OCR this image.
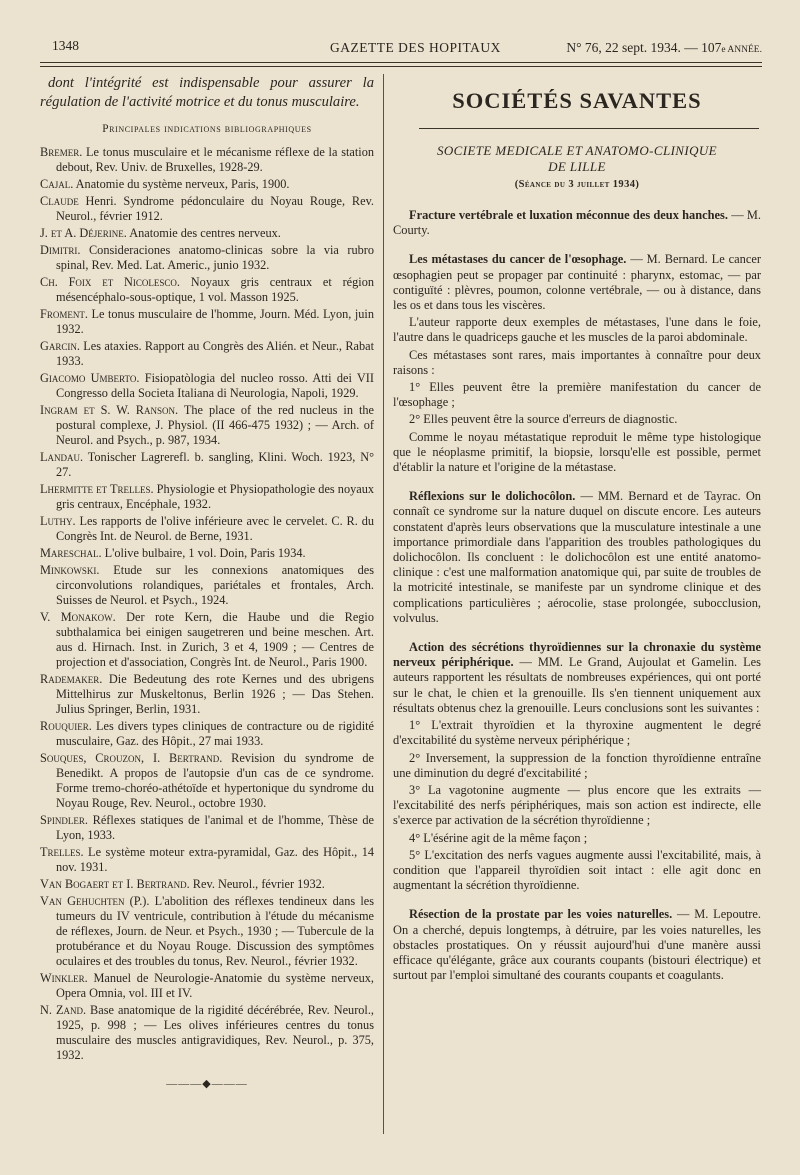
1348	GAZETTE DES HOPITAUX	N° 76, 22 sept. 1934. — 107e ANNÉE.

dont l'intégrité est indispensable pour assurer la régulation de l'activité motrice et du tonus musculaire.

Principales indications bibliographiques

Bremer. Le tonus musculaire et le mécanisme réflexe de la station debout, Rev. Univ. de Bruxelles, 1928-29.

Cajal. Anatomie du système nerveux, Paris, 1900.

Claude Henri. Syndrome pédonculaire du Noyau Rouge, Rev. Neurol., février 1912.

J. et A. Déjerine. Anatomie des centres nerveux.

Dimitri. Consideraciones anatomo-clinicas sobre la via rubro spinal, Rev. Med. Lat. Americ., junio 1932.

Ch. Foix et Nicolesco. Noyaux gris centraux et région mésencéphalo-sous-optique, 1 vol. Masson 1925.

Froment. Le tonus musculaire de l'homme, Journ. Méd. Lyon, juin 1932.

Garcin. Les ataxies. Rapport au Congrès des Alién. et Neur., Rabat 1933.

Giacomo Umberto. Fisiopatòlogia del nucleo rosso. Atti dei VII Congresso della Societa Italiana di Neurologia, Napoli, 1929.

Ingram et S. W. Ranson. The place of the red nucleus in the postural complexe, J. Physiol. (II 466-475 1932) ; — Arch. of Neurol. and Psych., p. 987, 1934.

Landau. Tonischer Lagrerefl. b. sangling, Klini. Woch. 1923, N° 27.

Lhermitte et Trelles. Physiologie et Physiopathologie des noyaux gris centraux, Encéphale, 1932.

Luthy. Les rapports de l'olive inférieure avec le cervelet. C. R. du Congrès Int. de Neurol. de Berne, 1931.

Mareschal. L'olive bulbaire, 1 vol. Doin, Paris 1934.

Minkowski. Etude sur les connexions anatomiques des circonvolutions rolandiques, pariétales et frontales, Arch. Suisses de Neurol. et Psych., 1924.

V. Monakow. Der rote Kern, die Haube und die Regio subthalamica bei einigen saugetreren und beine meschen. Art. aus d. Hirnach. Inst. in Zurich, 3 et 4, 1909 ; — Centres de projection et d'association, Congrès Int. de Neurol., Paris 1900.

Rademaker. Die Bedeutung des rote Kernes und des ubrigens Mittelhirus zur Muskeltonus, Berlin 1926 ; — Das Stehen. Julius Springer, Berlin, 1931.

Rouquier. Les divers types cliniques de contracture ou de rigidité musculaire, Gaz. des Hôpit., 27 mai 1933.

Souques, Crouzon, I. Bertrand. Revision du syndrome de Benedikt. A propos de l'autopsie d'un cas de ce syndrome. Forme tremo-choréo-athétoïde et hypertonique du syndrome du Noyau Rouge, Rev. Neurol., octobre 1930.

Spindler. Réflexes statiques de l'animal et de l'homme, Thèse de Lyon, 1933.

Trelles. Le système moteur extra-pyramidal, Gaz. des Hôpit., 14 nov. 1931.

Van Bogaert et I. Bertrand. Rev. Neurol., février 1932.

Van Gehuchten (P.). L'abolition des réflexes tendineux dans les tumeurs du IV ventricule, contribution à l'étude du mécanisme de réflexes, Journ. de Neur. et Psych., 1930 ; — Tubercule de la protubérance et du Noyau Rouge. Discussion des symptômes oculaires et des troubles du tonus, Rev. Neurol., février 1932.

Winkler. Manuel de Neurologie-Anatomie du système nerveux, Opera Omnia, vol. III et IV.

N. Zand. Base anatomique de la rigidité décérébrée, Rev. Neurol., 1925, p. 998 ; — Les olives inférieures centres du tonus musculaire des muscles antigravidiques, Rev. Neurol., p. 375, 1932.

———◆———
SOCIÉTÉS SAVANTES

SOCIETE MEDICALE ET ANATOMO-CLINIQUE

DE LILLE

(Séance du 3 juillet 1934)

Fracture vertébrale et luxation méconnue des deux hanches. — M. Courty.

Les métastases du cancer de l'œsophage. — M. Bernard. Le cancer œsophagien peut se propager par continuité : pharynx, estomac, — par contiguïté : plèvres, poumon, colonne vertébrale, — ou à distance, dans les os et dans tous les viscères.

L'auteur rapporte deux exemples de métastases, l'une dans le foie, l'autre dans le quadriceps gauche et les muscles de la paroi abdominale.

Ces métastases sont rares, mais importantes à connaître pour deux raisons :

1° Elles peuvent être la première manifestation du cancer de l'œsophage ;

2° Elles peuvent être la source d'erreurs de diagnostic.

Comme le noyau métastatique reproduit le même type histologique que le néoplasme primitif, la biopsie, lorsqu'elle est possible, permet d'établir la nature et l'origine de la métastase.

Réflexions sur le dolichocôlon. — MM. Bernard et de Tayrac. On connaît ce syndrome sur la nature duquel on discute encore. Les auteurs constatent d'après leurs observations que la musculature intestinale a une importance primordiale dans l'apparition des troubles pathologiques du dolichocôlon. Ils concluent : le dolichocôlon est une entité anatomo-clinique : c'est une malformation anatomique qui, par suite de troubles de la motricité intestinale, se manifeste par un syndrome clinique et des complications particulières ; aérocolie, stase prolongée, subocclusion, volvulus.

Action des sécrétions thyroïdiennes sur la chronaxie du système nerveux périphérique. — MM. Le Grand, Aujoulat et Gamelin. Les auteurs rapportent les résultats de nombreuses expériences, qui ont porté sur le chat, le chien et la grenouille. Ils s'en tiennent uniquement aux résultats obtenus chez la grenouille. Leurs conclusions sont les suivantes :

1° L'extrait thyroïdien et la thyroxine augmentent le degré d'excitabilité du système nerveux périphérique ;

2° Inversement, la suppression de la fonction thyroïdienne entraîne une diminution du degré d'excitabilité ;

3° La vagotonine augmente — plus encore que les extraits — l'excitabilité des nerfs périphériques, mais son action est indirecte, elle s'exerce par activation de la sécrétion thyroïdienne ;

4° L'ésérine agit de la même façon ;

5° L'excitation des nerfs vagues augmente aussi l'excitabilité, mais, à condition que l'appareil thyroïdien soit intact : elle agit donc en augmentant la sécrétion thyroïdienne.

Résection de la prostate par les voies naturelles. — M. Lepoutre. On a cherché, depuis longtemps, à détruire, par les voies naturelles, les obstacles prostatiques. On y réussit aujourd'hui d'une manère aussi efficace qu'élégante, grâce aux courants coupants (bistouri électrique) et surtout par l'emploi simultané des courants coupants et coagulants.
